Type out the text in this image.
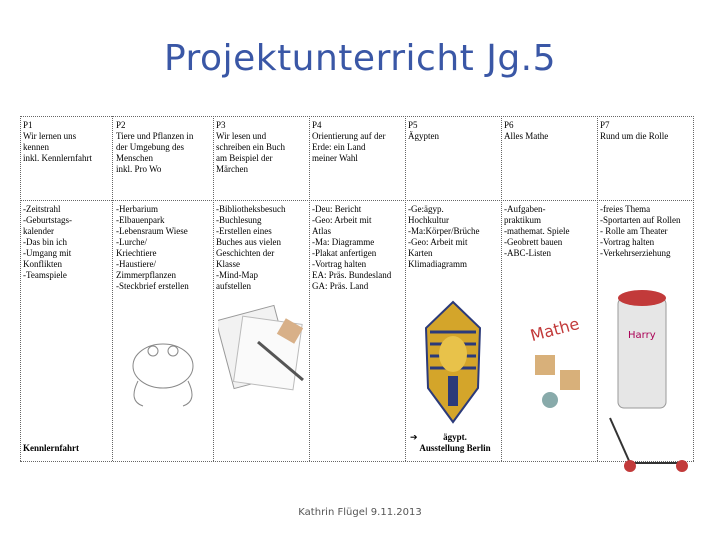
Projektunterricht Jg.5
P1
Wir lernen uns
kennen
inkl. Kennlernfahrt
P2
Tiere und Pflanzen in
der Umgebung des
Menschen
inkl. Pro Wo
P3
Wir lesen und
schreiben ein Buch
am Beispiel der
Märchen
P4
Orientierung auf der
Erde: ein Land
meiner Wahl
P5
Ägypten
P6
Alles Mathe
P7
Rund um die Rolle
-Zeitstrahl
-Geburtstags-
kalender
-Das bin ich
-Umgang mit
Konflikten
-Teamspiele
-Herbarium
-Elbauenpark
-Lebensraum Wiese
-Lurche/
Kriechtiere
-Haustiere/
Zimmerpflanzen
-Steckbrief erstellen
-Bibliotheksbesuch
-Buchlesung
-Erstellen eines
Buches aus vielen
Geschichten der
Klasse
-Mind-Map
aufstellen
-Deu: Bericht
-Geo: Arbeit mit
Atlas
-Ma: Diagramme
-Plakat anfertigen
-Vortrag halten
EA: Präs. Bundesland
GA: Präs. Land
-Ge:ägyp.
Hochkultur
-Ma:Körper/Brüche
-Geo: Arbeit mit
Karten
Klimadiagramm
-Aufgaben-
praktikum
-mathemat. Spiele
-Geobrett bauen
-ABC-Listen
-freies Thema
-Sportarten auf Rollen
- Rolle am Theater
-Vortrag halten
-Verkehrserziehung
Kennlernfahrt
ägypt.
Ausstellung Berlin
➔
Mathe	Harry
Kathrin Flügel 9.11.2013
